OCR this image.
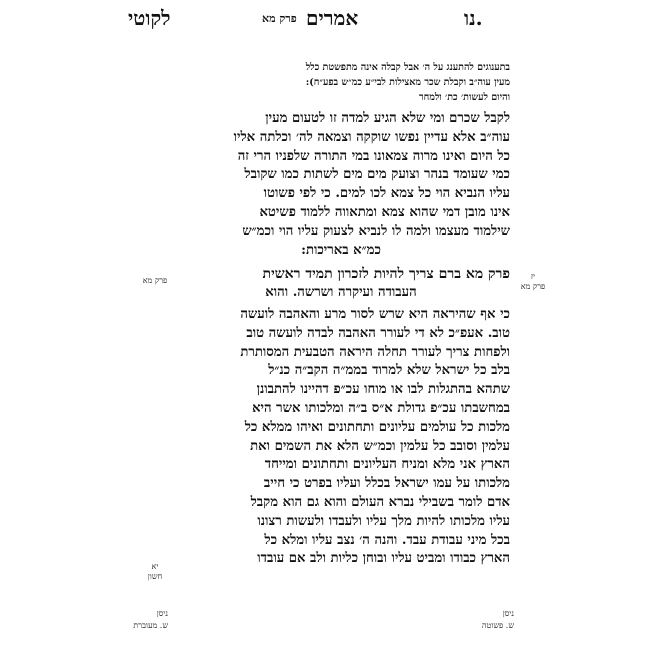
לקוטי	פרק מא אמרים	נו.
בתענוגים להתענג על ה׳ אבל קבלה אינה מתפשטת כלל
מעין עוה״ב וקבלת שכר מאצילות לבי״ע כמ״ש בפע״ח):
והיום לעשות׳ כת׳ ולמחר
לקבל שכרם ומי שלא הגיע למדה זו לטעום מעין
עוה״ב אלא עדיין נפשו שוקקה וצמאה לה׳ וכלתה אליו
כל היום ואינו מרוה צמאונו במי התורה שלפניו הרי זה
כמי שעומד בנהר וצועק מים מים לשתות כמו שקובל
עליו הנביא הוי כל צמא לכו למים. כי לפי פשוטו
אינו מובן דמי שהוא צמא ומתאווה ללמוד פשיטא
שילמוד מעצמו ולמה לו לנביא לצעוק עליו הוי וכמ״ש
כמ״א באריכות:
פרק מא ברם צריך להיות לזכרון תמיד ראשית
העבודה ועיקרה ושרשה. והוא
כי אף שהיראה היא שרש לסור מרע והאהבה לועשה
טוב. אעפ״כ לא די לעורר האהבה לבדה לועשה טוב
ולפחות צריך לעורר תחלה היראה הטבעית המסותרת
בלב כל ישראל שלא למרוד בממ״ה הקב״ה כנ״ל
שתהא בהתגלות לבו או מוחו עכ״פ דהיינו להתבונן
במחשבתו עכ״פ גדולת א״ס ב״ה ומלכותו אשר היא
מלכות כל עולמים עליונים ותחתונים ואיהו ממלא כל
עלמין וסובב כל עלמין וכמ״ש הלא את השמים ואת
הארץ אני מלא ומניח העליונים ותחתונים ומייחד
מלכותו על עמו ישראל בכלל ועליו בפרט כי חייב
אדם לומר בשבילי נברא העולם והוא גם הוא מקבל
עליו מלכותו להיות מלך עליו ולעבדו ולעשות רצונו
בכל מיני עבודת עבד. והנה ה׳ נצב עליו ומלא כל
הארץ כבודו ומביט עליו ובוחן כליות ולב אם עובדו
יז
פרק מא
פרק מא
יא
חשון
ניסן
ש. מעוברת
ניסן
ש. פשוטה
